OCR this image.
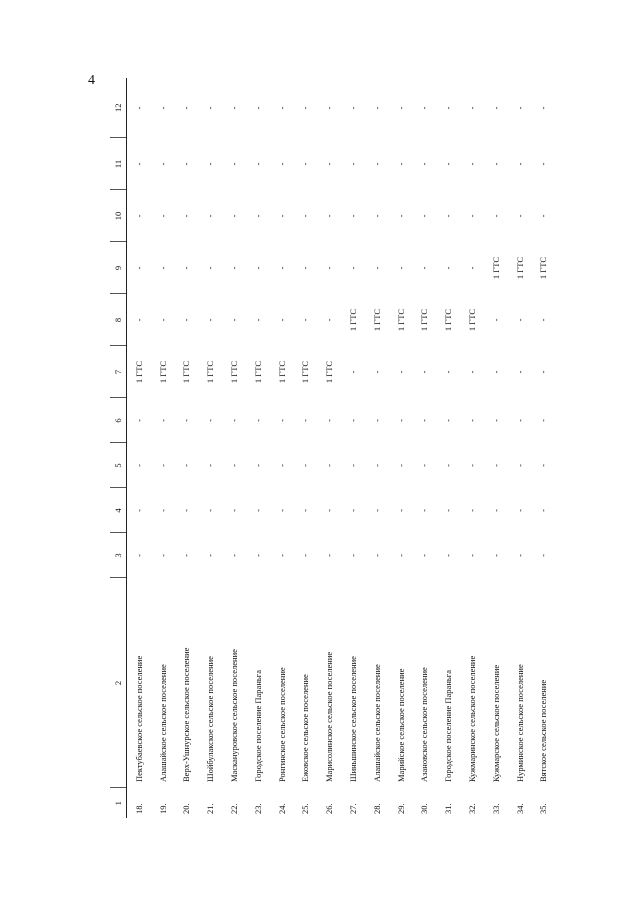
4
1	2	3	4	5	6	7	8	9	10	11	12
18.	Пектубаевское сельское поселение	-	-	-	-	1 ГТС	-	-	-	-	-
19.	Алашайское сельское поселение	-	-	-	-	1 ГТС	-	-	-	-	-
20.	Верх-Ушнурское сельское поселение	-	-	-	-	1 ГТС	-	-	-	-	-
21.	Шойбулакское сельское поселение	-	-	-	-	1 ГТС	-	-	-	-	-
22.	Маскануровское сельское поселение	-	-	-	-	1 ГТС	-	-	-	-	-
23.	Городское поселение Параньга	-	-	-	-	1 ГТС	-	-	-	-	-
24.	Ронгинское сельское поселение	-	-	-	-	1 ГТС	-	-	-	-	-
25.	Ежовское сельское поселение	-	-	-	-	1 ГТС	-	-	-	-	-
26.	Марисолинское сельское поселение	-	-	-	-	1 ГТС	-	-	-	-	-
27.	Шиньшинское сельское поселение	-	-	-	-	-	1 ГТС	-	-	-	-
28.	Алашайское сельское поселение	-	-	-	-	-	1 ГТС	-	-	-	-
29.	Марийское сельское поселение	-	-	-	-	-	1 ГТС	-	-	-	-
30.	Азановское сельское поселение	-	-	-	-	-	1 ГТС	-	-	-	-
31.	Городское поселение Параньга	-	-	-	-	-	1 ГТС	-	-	-	-
32.	Кужмаринское сельское поселение	-	-	-	-	-	1 ГТС	-	-	-	-
33.	Кужмарское сельское поселение	-	-	-	-	-	-	1 ГТС	-	-	-
34.	Нурминское сельское поселение	-	-	-	-	-	-	1 ГТС	-	-	-
35.	Вятское сельское поселение	-	-	-	-	-	-	1 ГТС	-	-	-
